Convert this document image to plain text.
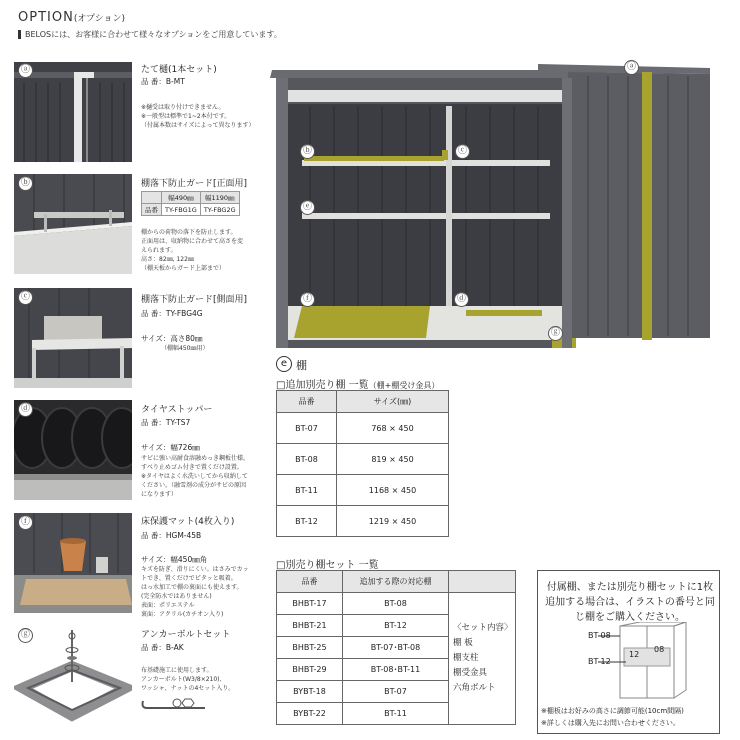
OPTION(オプション)
BELOSには、お客様に合わせて様々なオプションをご用意しています。
ⓐ	たて樋(1本セット)
品 番：B-MT
※樋受は取り付けできません。
※一般型は標準で1~2本付です。
（付属本数はサイズによって異なります）
ⓑ	棚落下防止ガード[正面用]
	幅490㎜	幅1190㎜
品番	TY-FBG1G	TY-FBG2G
棚からの荷物の落下を防止します。
正面用は、収納物に合わせて高さを変
えられます。
高さ：82㎜, 122㎜
（棚天板からガード上部まで）
ⓒ	棚落下防止ガード[側面用]
品 番：TY-FBG4G
サイズ：高さ80㎜
（棚幅450㎜用）
ⓓ	タイヤストッパー
品 番：TY-TS7
サイズ：幅726㎜
サビに強い高耐食溶融めっき鋼板仕様。
すべり止めゴム付きで置くだけ設置。
※タイヤはよく水洗いしてから収納して
ください。（融雪剤の成分がサビの原因
になります）
ⓕ	床保護マット(4枚入り)
品 番：HGM-45B
サイズ：幅450㎜角
キズを防ぎ、滑りにくい。はさみでカッ
トでき、置くだけでピタッと吸着。
はっ水加工で棚の裏面にも使えます。
(完全防水ではありません)
表面：ポリエステル
裏面：アクリル(カチオン入り)
ⓖ	アンカーボルトセット
品 番：B-AK
布基礎施工に使用します。
アンカーボルト(W3/8×210)、
ワッシャ、ナットの4セット入り。
ⓐ
ⓑ	ⓒ
ⓔ
ⓕ	ⓓ
ⓖ
e 棚
□追加別売り棚 一覧（棚+棚受け金具）
品番	サイズ(㎜)
BT-07	768 × 450
BT-08	819 × 450
BT-11	1168 × 450
BT-12	1219 × 450
□別売り棚セット 一覧
品番	追加する際の対応棚	
BHBT-17	BT-08	〈セット内容〉
棚 板
棚支柱
棚受金具
六角ボルト

BHBT-21	BT-12	
BHBT-25	BT-07･BT-08	
BHBT-29	BT-08･BT-11	
BYBT-18	BT-07	
BYBT-22	BT-11	
付属棚、または別売り棚セットに1枚追加する場合は、イラストの番号と同じ棚をご購入ください。
BT-08
BT-12
12
08
※棚板はお好みの高さに調節可能(10cm間隔)
※詳しくは購入先にお問い合わせください。
